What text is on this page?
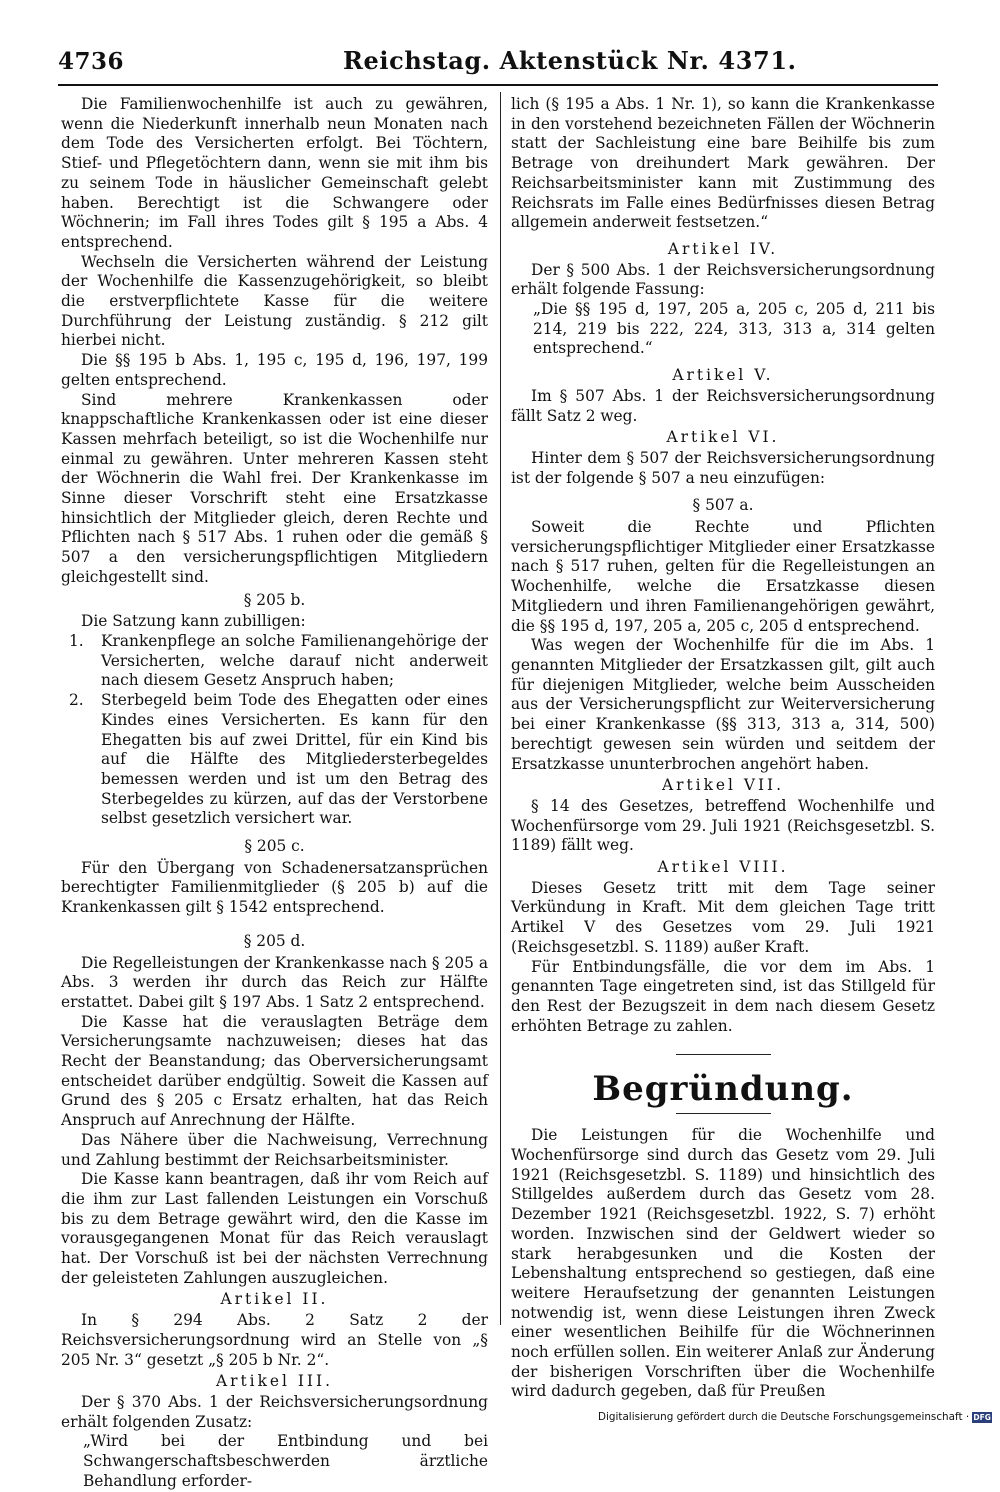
4736	Reichstag. Aktenstück Nr. 4371.

Die Familienwochenhilfe ist auch zu gewähren, wenn die Niederkunft innerhalb neun Monaten nach dem Tode des Versicherten erfolgt. Bei Töchtern, Stief- und Pflegetöchtern dann, wenn sie mit ihm bis zu seinem Tode in häuslicher Gemeinschaft gelebt haben. Berechtigt ist die Schwangere oder Wöchnerin; im Fall ihres Todes gilt § 195 a Abs. 4 entsprechend.

Wechseln die Versicherten während der Leistung der Wochenhilfe die Kassenzugehörigkeit, so bleibt die erstverpflichtete Kasse für die weitere Durchführung der Leistung zuständig. § 212 gilt hierbei nicht.

Die §§ 195 b Abs. 1, 195 c, 195 d, 196, 197, 199 gelten entsprechend.

Sind mehrere Krankenkassen oder knappschaftliche Krankenkassen oder ist eine dieser Kassen mehrfach beteiligt, so ist die Wochenhilfe nur einmal zu gewähren. Unter mehreren Kassen steht der Wöchnerin die Wahl frei. Der Krankenkasse im Sinne dieser Vorschrift steht eine Ersatzkasse hinsichtlich der Mitglieder gleich, deren Rechte und Pflichten nach § 517 Abs. 1 ruhen oder die gemäß § 507 a den versicherungspflichtigen Mitgliedern gleichgestellt sind.

§ 205 b.

Die Satzung kann zubilligen:

1. Krankenpflege an solche Familienangehörige der Versicherten, welche darauf nicht anderweit nach diesem Gesetz Anspruch haben;
2. Sterbegeld beim Tode des Ehegatten oder eines Kindes eines Versicherten. Es kann für den Ehegatten bis auf zwei Drittel, für ein Kind bis auf die Hälfte des Mitgliedersterbegeldes bemessen werden und ist um den Betrag des Sterbegeldes zu kürzen, auf das der Verstorbene selbst gesetzlich versichert war.
§ 205 c.

Für den Übergang von Schadenersatzansprüchen berechtigter Familienmitglieder (§ 205 b) auf die Krankenkassen gilt § 1542 entsprechend.

§ 205 d.

Die Regelleistungen der Krankenkasse nach § 205 a Abs. 3 werden ihr durch das Reich zur Hälfte erstattet. Dabei gilt § 197 Abs. 1 Satz 2 entsprechend.

Die Kasse hat die verauslagten Beträge dem Versicherungsamte nachzuweisen; dieses hat das Recht der Beanstandung; das Oberversicherungsamt entscheidet darüber endgültig. Soweit die Kassen auf Grund des § 205 c Ersatz erhalten, hat das Reich Anspruch auf Anrechnung der Hälfte.

Das Nähere über die Nachweisung, Verrechnung und Zahlung bestimmt der Reichsarbeitsminister.

Die Kasse kann beantragen, daß ihr vom Reich auf die ihm zur Last fallenden Leistungen ein Vorschuß bis zu dem Betrage gewährt wird, den die Kasse im vorausgegangenen Monat für das Reich verauslagt hat. Der Vorschuß ist bei der nächsten Verrechnung der geleisteten Zahlungen auszugleichen.

Artikel II.

In § 294 Abs. 2 Satz 2 der Reichsversicherungsordnung wird an Stelle von „§ 205 Nr. 3“ gesetzt „§ 205 b Nr. 2“.

Artikel III.

Der § 370 Abs. 1 der Reichsversicherungsordnung erhält folgenden Zusatz:

„Wird bei der Entbindung und bei Schwangerschaftsbeschwerden ärztliche Behandlung erforder-

lich (§ 195 a Abs. 1 Nr. 1), so kann die Krankenkasse in den vorstehend bezeichneten Fällen der Wöchnerin statt der Sachleistung eine bare Beihilfe bis zum Betrage von dreihundert Mark gewähren. Der Reichsarbeitsminister kann mit Zustimmung des Reichsrats im Falle eines Bedürfnisses diesen Betrag allgemein anderweit festsetzen.“

Artikel IV.

Der § 500 Abs. 1 der Reichsversicherungsordnung erhält folgende Fassung:

„Die §§ 195 d, 197, 205 a, 205 c, 205 d, 211 bis 214, 219 bis 222, 224, 313, 313 a, 314 gelten entsprechend.“

Artikel V.

Im § 507 Abs. 1 der Reichsversicherungsordnung fällt Satz 2 weg.

Artikel VI.

Hinter dem § 507 der Reichsversicherungsordnung ist der folgende § 507 a neu einzufügen:

§ 507 a.

Soweit die Rechte und Pflichten versicherungspflichtiger Mitglieder einer Ersatzkasse nach § 517 ruhen, gelten für die Regelleistungen an Wochenhilfe, welche die Ersatzkasse diesen Mitgliedern und ihren Familienangehörigen gewährt, die §§ 195 d, 197, 205 a, 205 c, 205 d entsprechend.

Was wegen der Wochenhilfe für die im Abs. 1 genannten Mitglieder der Ersatzkassen gilt, gilt auch für diejenigen Mitglieder, welche beim Ausscheiden aus der Versicherungspflicht zur Weiterversicherung bei einer Krankenkasse (§§ 313, 313 a, 314, 500) berechtigt gewesen sein würden und seitdem der Ersatzkasse ununterbrochen angehört haben.

Artikel VII.

§ 14 des Gesetzes, betreffend Wochenhilfe und Wochenfürsorge vom 29. Juli 1921 (Reichsgesetzbl. S. 1189) fällt weg.

Artikel VIII.

Dieses Gesetz tritt mit dem Tage seiner Verkündung in Kraft. Mit dem gleichen Tage tritt Artikel V des Gesetzes vom 29. Juli 1921 (Reichsgesetzbl. S. 1189) außer Kraft.

Für Entbindungsfälle, die vor dem im Abs. 1 genannten Tage eingetreten sind, ist das Stillgeld für den Rest der Bezugszeit in dem nach diesem Gesetz erhöhten Betrage zu zahlen.

Begründung.

Die Leistungen für die Wochenhilfe und Wochenfürsorge sind durch das Gesetz vom 29. Juli 1921 (Reichsgesetzbl. S. 1189) und hinsichtlich des Stillgeldes außerdem durch das Gesetz vom 28. Dezember 1921 (Reichsgesetzbl. 1922, S. 7) erhöht worden. Inzwischen sind der Geldwert wieder so stark herabgesunken und die Kosten der Lebenshaltung entsprechend so gestiegen, daß eine weitere Heraufsetzung der genannten Leistungen notwendig ist, wenn diese Leistungen ihren Zweck einer wesentlichen Beihilfe für die Wöchnerinnen noch erfüllen sollen. Ein weiterer Anlaß zur Änderung der bisherigen Vorschriften über die Wochenhilfe wird dadurch gegeben, daß für Preußen

Digitalisierung gefördert durch die Deutsche Forschungsgemeinschaft · DFG
